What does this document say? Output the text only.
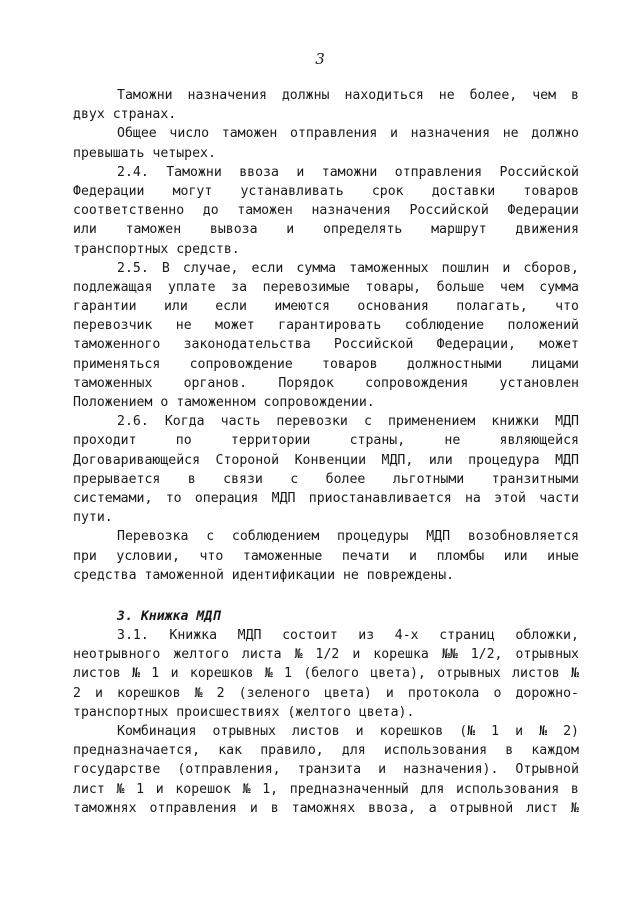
3
Таможни назначения должны находиться не более, чем в
двух странах.
Общее число таможен отправления и назначения не должно
превышать четырех.
2.4. Таможни ввоза и таможни отправления Российской
Федерации могут устанавливать срок доставки товаров
соответственно до таможен назначения Российской Федерации
или таможен вывоза и определять маршрут движения
транспортных средств.
2.5. В случае, если сумма таможенных пошлин и сборов,
подлежащая уплате за перевозимые товары, больше чем сумма
гарантии или если имеются основания полагать, что
перевозчик не может гарантировать соблюдение положений
таможенного законодательства Российской Федерации, может
применяться сопровождение товаров должностными лицами
таможенных органов. Порядок сопровождения установлен
Положением о таможенном сопровождении.
2.6. Когда часть перевозки с применением книжки МДП
проходит	по	территории	страны,	не	являющейся
Договаривающейся Стороной Конвенции МДП, или процедура МДП
прерывается в связи с более льготными транзитными
системами, то операция МДП приостанавливается на этой части
пути.
Перевозка с соблюдением процедуры МДП возобновляется
при условии, что таможенные печати и пломбы или иные
средства таможенной идентификации не повреждены.
3. Книжка МДП
3.1. Книжка МДП состоит из 4-х страниц обложки,
неотрывного желтого листа № 1/2 и корешка №№ 1/2, отрывных
листов № 1 и корешков № 1 (белого цвета), отрывных листов №
2 и корешков № 2 (зеленого цвета) и протокола о дорожно-
транспортных происшествиях (желтого цвета).
Комбинация отрывных листов и корешков (№ 1 и № 2)
предназначается, как правило, для использования в каждом
государстве (отправления, транзита и назначения). Отрывной
лист № 1 и корешок № 1, предназначенный для использования в
таможнях отправления и в таможнях ввоза, а отрывной лист №
